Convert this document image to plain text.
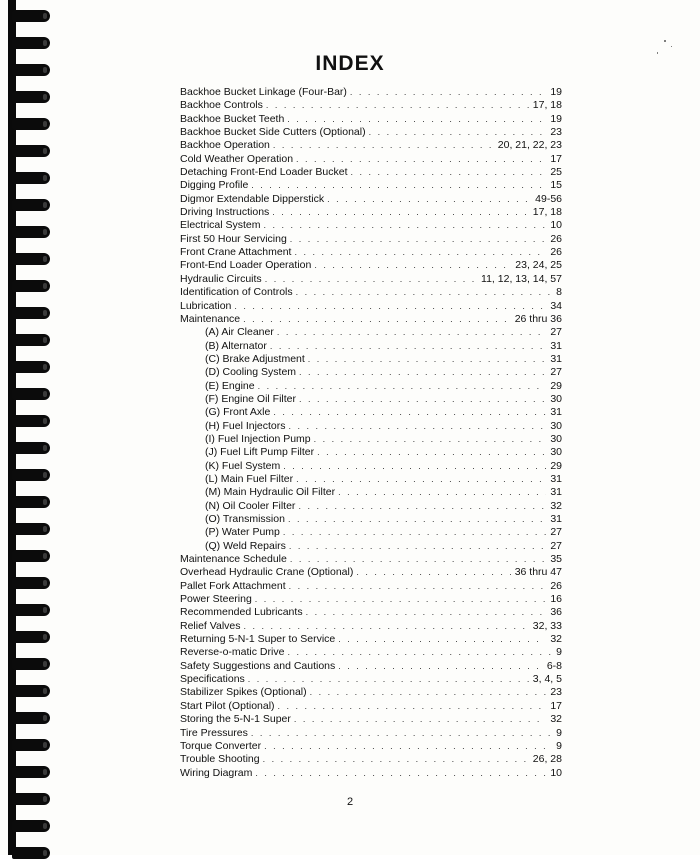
INDEX
Backhoe Bucket Linkage (Four-Bar) . . .	19
Backhoe Controls . . .	17, 18
Backhoe Bucket Teeth . . .	19
Backhoe Bucket Side Cutters (Optional) . . .	23
Backhoe Operation . . .	20, 21, 22, 23
Cold Weather Operation . . .	17
Detaching Front-End Loader Bucket . . .	25
Digging Profile . . .	15
Digmor Extendable Dipperstick . . .	49-56
Driving Instructions . . .	17, 18
Electrical System . . .	10
First 50 Hour Servicing . . .	26
Front Crane Attachment . . .	26
Front-End Loader Operation . . .	23, 24, 25
Hydraulic Circuits . . .	11, 12, 13, 14, 57
Identification of Controls . . .	8
Lubrication . . .	34
Maintenance . . .	26 thru 36
(A) Air Cleaner . . .	27
(B) Alternator . . .	31
(C) Brake Adjustment . . .	31
(D) Cooling System . . .	27
(E) Engine . . .	29
(F) Engine Oil Filter . . .	30
(G) Front Axle . . .	31
(H) Fuel Injectors . . .	30
(I) Fuel Injection Pump . . .	30
(J) Fuel Lift Pump Filter . . .	30
(K) Fuel System . . .	29
(L) Main Fuel Filter . . .	31
(M) Main Hydraulic Oil Filter . . .	31
(N) Oil Cooler Filter . . .	32
(O) Transmission . . .	31
(P) Water Pump . . .	27
(Q) Weld Repairs . . .	27
Maintenance Schedule . . .	35
Overhead Hydraulic Crane (Optional) . . .	36 thru 47
Pallet Fork Attachment . . .	26
Power Steering . . .	16
Recommended Lubricants . . .	36
Relief Valves . . .	32, 33
Returning 5-N-1 Super to Service . . .	32
Reverse-o-matic Drive . . .	9
Safety Suggestions and Cautions . . .	6-8
Specifications . . .	3, 4, 5
Stabilizer Spikes (Optional) . . .	23
Start Pilot (Optional) . . .	17
Storing the 5-N-1 Super . . .	32
Tire Pressures . . .	9
Torque Converter . . .	9
Trouble Shooting . . .	26, 28
Wiring Diagram . . .	10
2
